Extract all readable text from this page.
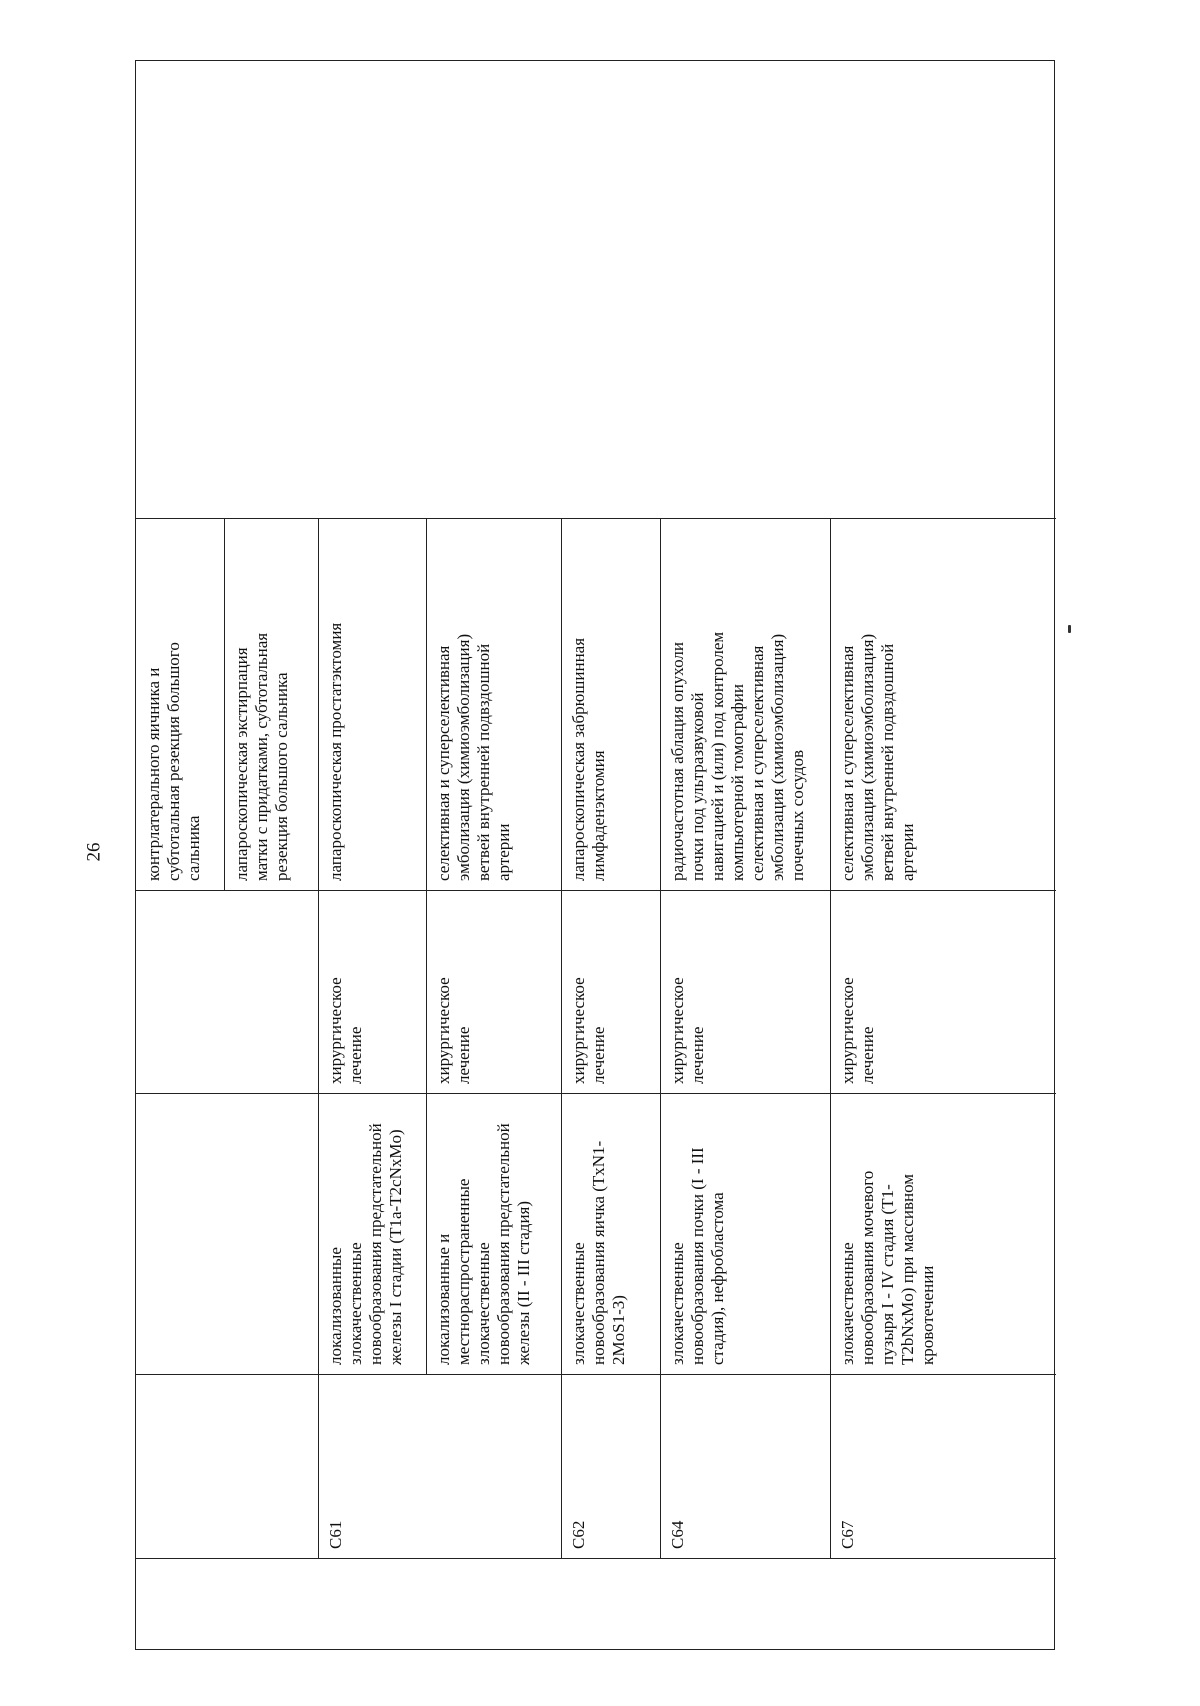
26	контрлатерального яичника и
субтотальная резекция большого
сальника	лапароскопическая экстирпация
матки с придатками, субтотальная
резекция большого сальника
C61
локализованные
злокачественные
новообразования предстательной
железы I стадии (T1a-T2cNxMo)
хирургическое
лечение
лапароскопическая простатэктомия
локализованные и
местнораспространенные
злокачественные
новообразования предстательной
железы (II - III стадия)
хирургическое
лечение
селективная и суперселективная
эмболизация (химиоэмболизация)
ветвей внутренней подвздошной
артерии
C62
злокачественные
новообразования яичка (TxN1-
2MoS1-3)
хирургическое
лечение
лапароскопическая забрюшинная
лимфаденэктомия
C64
злокачественные
новообразования почки (I - III
стадия), нефробластома
хирургическое
лечение
радиочастотная аблация опухоли
почки под ультразвуковой
навигацией и (или) под контролем
компьютерной томографии
селективная и суперселективная
эмболизация (химиоэмболизация)
почечных сосудов
C67
злокачественные
новообразования мочевого
пузыря I - IV стадия (T1-
T2bNxMo) при массивном
кровотечении
хирургическое
лечение
селективная и суперселективная
эмболизация (химиоэмболизация)
ветвей внутренней подвздошной
артерии
